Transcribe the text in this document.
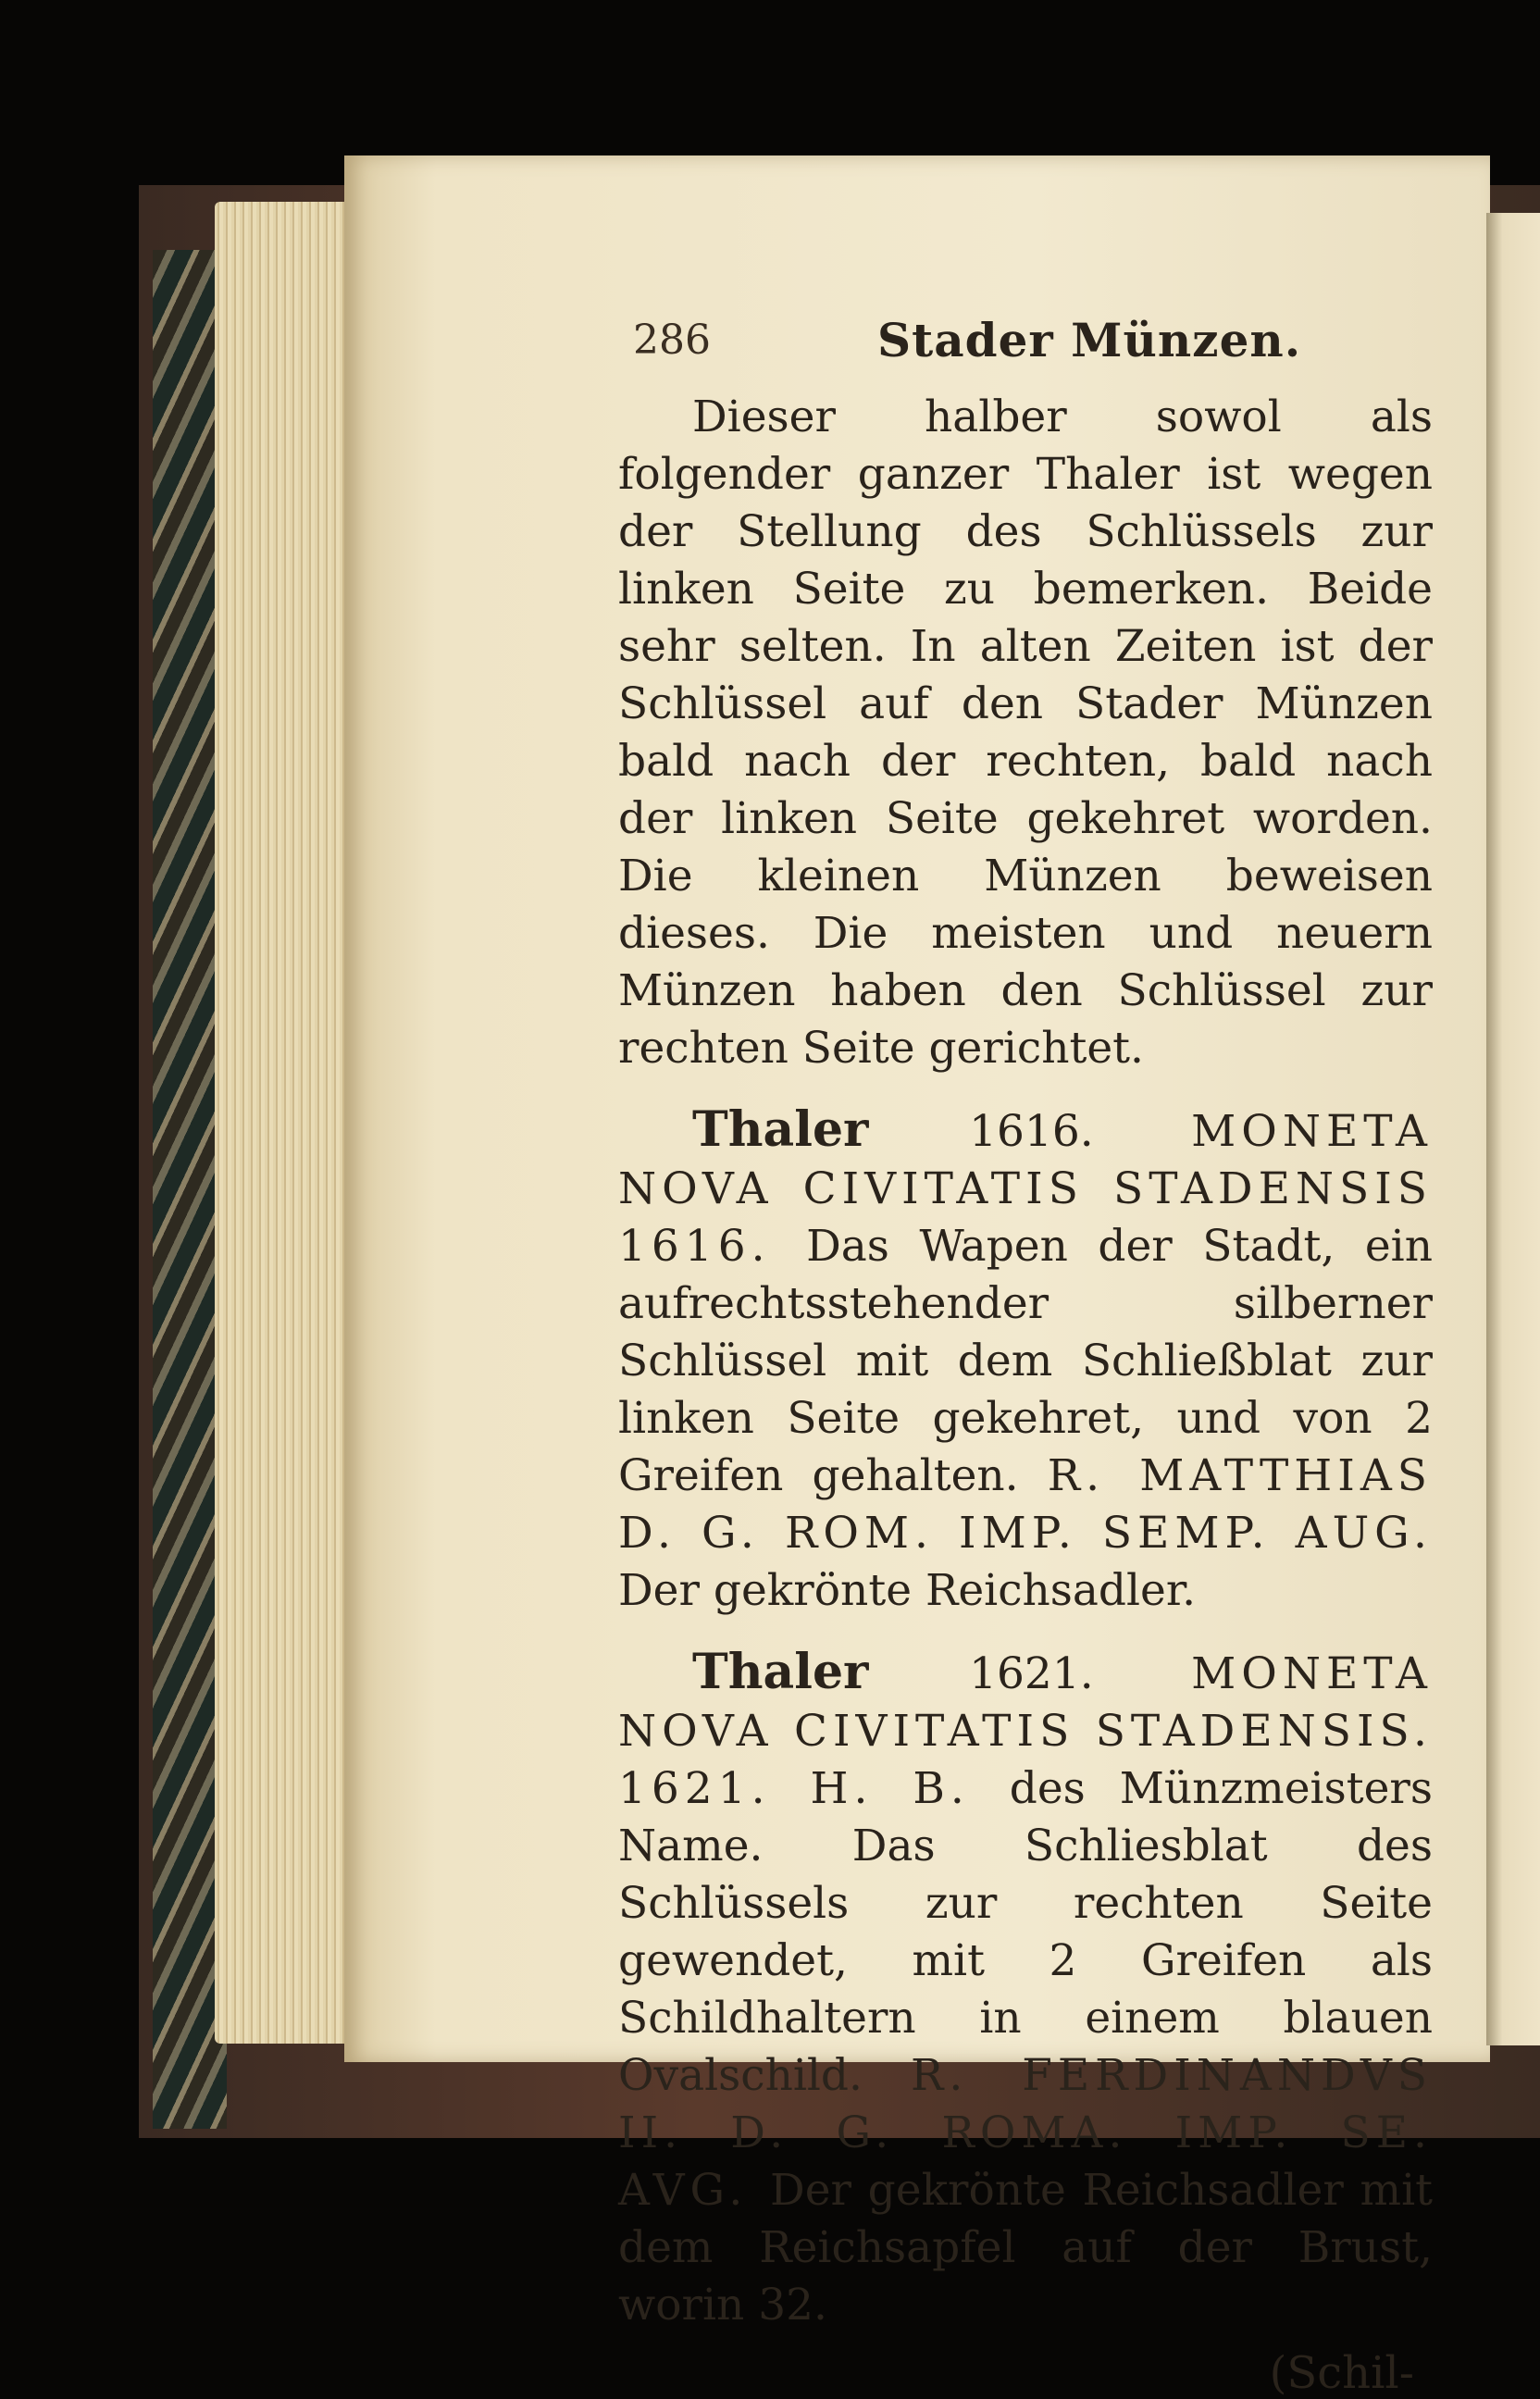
286	Stader Münzen.

Dieser halber sowol als folgender ganzer Thaler ist wegen der Stellung des Schlüssels zur linken Seite zu bemerken. Beide sehr selten. In alten Zeiten ist der Schlüssel auf den Stader Münzen bald nach der rechten, bald nach der linken Seite gekehret worden. Die kleinen Münzen beweisen dieses. Die meisten und neuern Münzen haben den Schlüssel zur rechten Seite gerichtet.

Thaler 1616. MONETA NOVA CIVITATIS STADENSIS 1616. Das Wapen der Stadt, ein aufrechtsstehender silberner Schlüssel mit dem Schließblat zur linken Seite gekehret, und von 2 Greifen gehalten. R. MATTHIAS D. G. ROM. IMP. SEMP. AUG. Der gekrönte Reichsadler.

Thaler 1621. MONETA NOVA CIVITATIS STADENSIS. 1621. H. B. des Münzmeisters Name. Das Schliesblat des Schlüssels zur rechten Seite gewendet, mit 2 Greifen als Schildhaltern in einem blauen Ovalschild. R. FERDINANDVS II. D. G. ROMA. IMP. SE. AVG. Der gekrönte Reichsadler mit dem Reichsapfel auf der Brust, worin 32.

(Schil-
